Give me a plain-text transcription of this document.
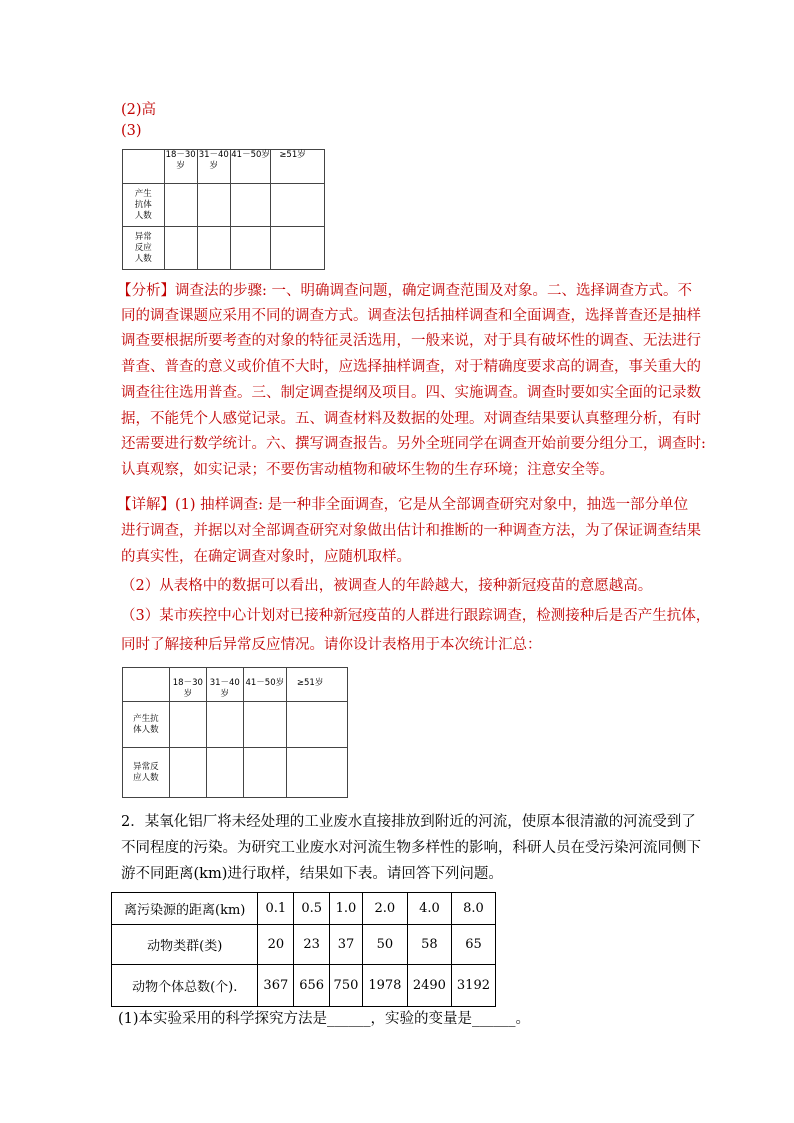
(2)高
(3)
	18－30岁	31－40岁	41－50岁	≥51岁
产生抗体人数				
异常反应人数				
【分析】调查法的步骤: 一、明确调查问题，确定调查范围及对象。二、选择调查方式。不
同的调查课题应采用不同的调查方式。调查法包括抽样调查和全面调查，选择普查还是抽样
调查要根据所要考查的对象的特征灵活选用，一般来说，对于具有破坏性的调查、无法进行
普查、普查的意义或价值不大时，应选择抽样调查，对于精确度要求高的调查，事关重大的
调查往往选用普查。三、制定调查提纲及项目。四、实施调查。调查时要如实全面的记录数
据，不能凭个人感觉记录。五、调查材料及数据的处理。对调查结果要认真整理分析，有时
还需要进行数学统计。六、撰写调查报告。另外全班同学在调查开始前要分组分工，调查时:
认真观察，如实记录；不要伤害动植物和破坏生物的生存环境；注意安全等。
【详解】(1) 抽样调查: 是一种非全面调查，它是从全部调查研究对象中，抽选一部分单位
进行调查，并据以对全部调查研究对象做出估计和推断的一种调查方法，为了保证调查结果
的真实性，在确定调查对象时，应随机取样。
（2）从表格中的数据可以看出，被调查人的年龄越大，接种新冠疫苗的意愿越高。
（3）某市疾控中心计划对已接种新冠疫苗的人群进行跟踪调查，检测接种后是否产生抗体，
同时了解接种后异常反应情况。请你设计表格用于本次统计汇总：
	18－30岁	31－40岁	41－50岁	≥51岁
产生抗体人数				
异常反应人数				
2．某氧化铝厂将未经处理的工业废水直接排放到附近的河流，使原本很清澈的河流受到了
不同程度的污染。为研究工业废水对河流生物多样性的影响，科研人员在受污染河流同侧下
游不同距离(km)进行取样，结果如下表。请回答下列问题。
离污染源的距离(km)	0.1	0.5	1.0	2.0	4.0	8.0
动物类群(类)	20	23	37	50	58	65
动物个体总数(个).	367	656	750	1978	2490	3192
(1)本实验采用的科学探究方法是______，实验的变量是______。
